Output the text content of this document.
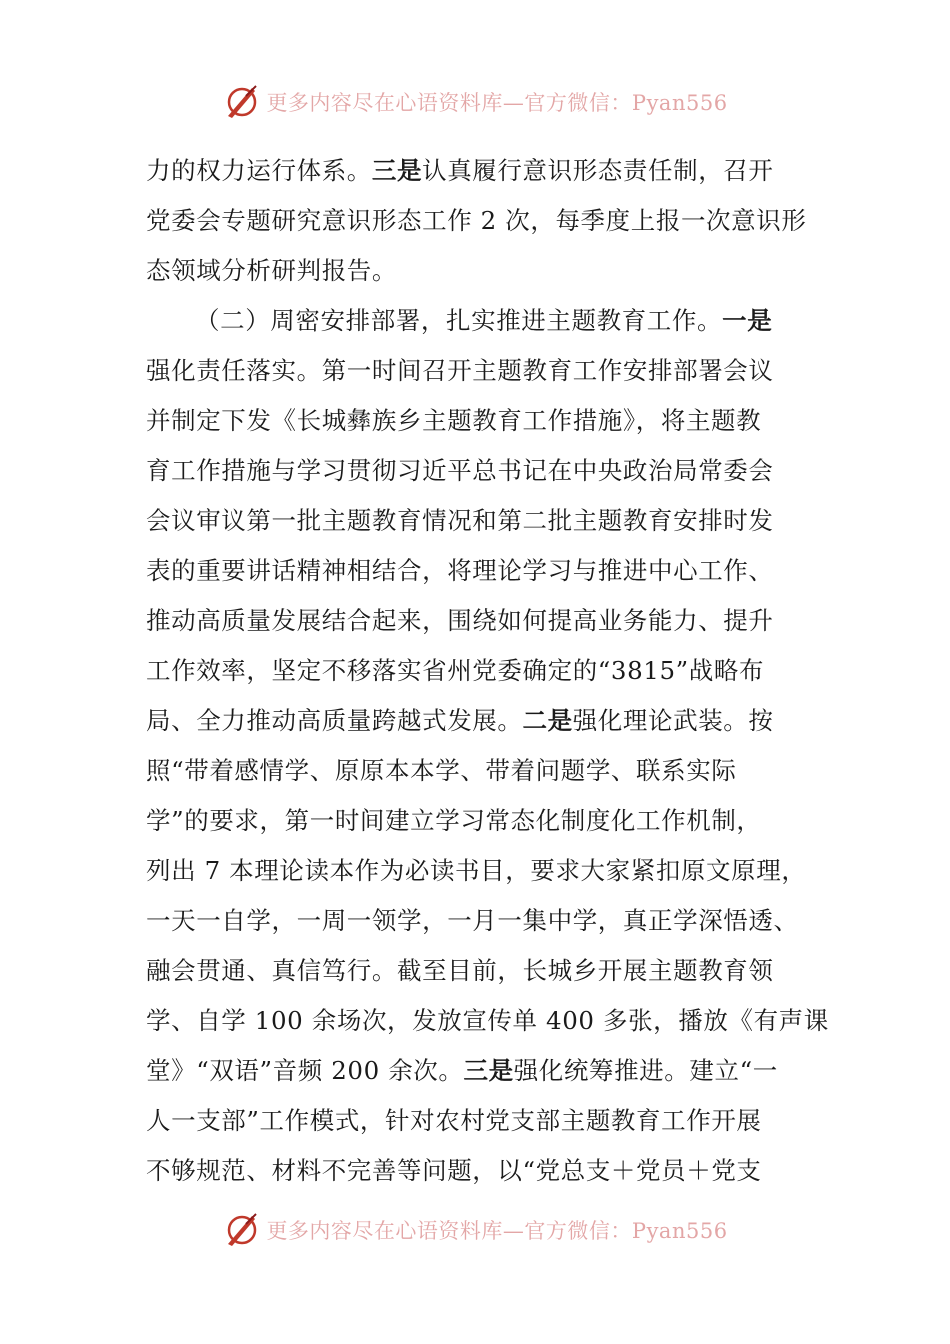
更多内容尽在心语资料库—官方微信：Pyan556
力的权力运行体系。三是认真履行意识形态责任制，召开
党委会专题研究意识形态工作 2 次，每季度上报一次意识形
态领域分析研判报告。
（二）周密安排部署，扎实推进主题教育工作。一是
强化责任落实。第一时间召开主题教育工作安排部署会议
并制定下发《长城彝族乡主题教育工作措施》，将主题教
育工作措施与学习贯彻习近平总书记在中央政治局常委会
会议审议第一批主题教育情况和第二批主题教育安排时发
表的重要讲话精神相结合，将理论学习与推进中心工作、
推动高质量发展结合起来，围绕如何提高业务能力、提升
工作效率，坚定不移落实省州党委确定的“3815”战略布
局、全力推动高质量跨越式发展。二是强化理论武装。按
照“带着感情学、原原本本学、带着问题学、联系实际
学”的要求，第一时间建立学习常态化制度化工作机制，
列出 7 本理论读本作为必读书目，要求大家紧扣原文原理，
一天一自学，一周一领学，一月一集中学，真正学深悟透、
融会贯通、真信笃行。截至目前，长城乡开展主题教育领
学、自学 100 余场次，发放宣传单 400 多张，播放《有声课
堂》“双语”音频 200 余次。三是强化统筹推进。建立“一
人一支部”工作模式，针对农村党支部主题教育工作开展
不够规范、材料不完善等问题，以“党总支＋党员＋党支
更多内容尽在心语资料库—官方微信：Pyan556
